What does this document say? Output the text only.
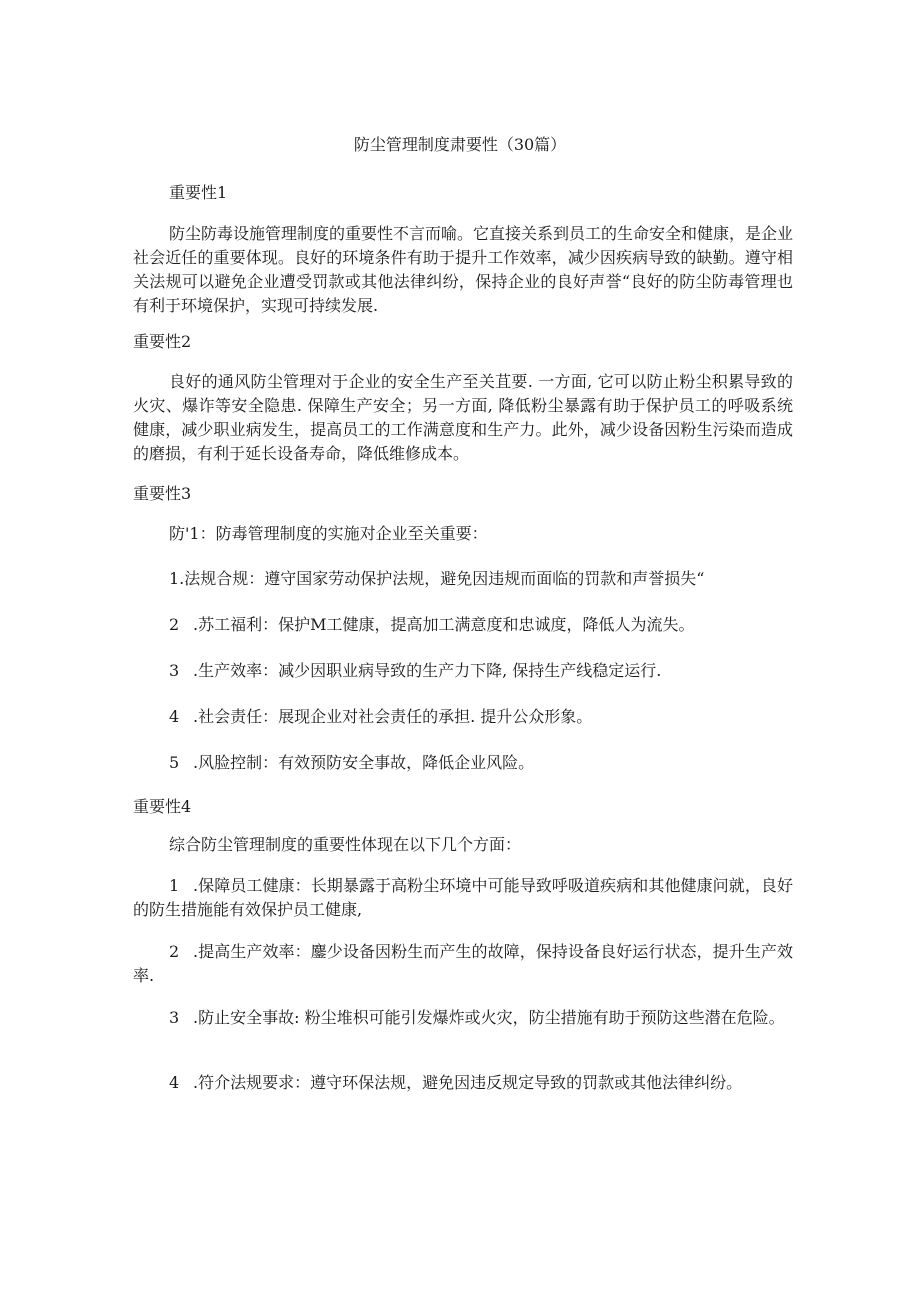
防尘管理制度肃要性（30篇）
重要性1

防尘防毒设施管理制度的重要性不言而喻。它直接关系到员工的生命安全和健康，是企业社会近任的重要体现。良好的环境条件有助于提升工作效率，减少因疾病导致的缺勤。遵守相关法规可以避免企业遭受罚款或其他法律纠纷，保持企业的良好声誉“良好的防尘防毒管理也有利于环境保护，实现可持续发展.

重要性2

良好的通风防尘管理对于企业的安全生产至关苴要. 一方面, 它可以防止粉尘积累导致的火灾、爆诈等安全隐患. 保障生产安全；另一方面, 降低粉尘暴露有助于保护员工的呼吸系统健康，减少职业病发生，提高员工的工作满意度和生产力。此外，减少设备因粉生污染而造成的磨损，有利于延长设备寿命，降低维修成本。

重要性3

防'1：防毒管理制度的实施对企业至关重要：

1.法规合规：遵守国家劳动保护法规，避免因违规而面临的罚款和声誉损失“

2 .苏工福利：保护M工健康，提高加工满意度和忠诚度，降低人为流失。

3 .生产效率：减少因职业病导致的生产力下降, 保持生产线稳定运行.

4 .社会责任：展现企业对社会责任的承担. 提升公众形象。

5 .风脸控制：有效预防安全事故，降低企业风险。

重要性4

综合防尘管理制度的重要性体现在以下几个方面：

1 .保障员工健康：长期暴露于高粉尘环境中可能导致呼吸道疾病和其他健康问就，良好的防生措施能有效保护员工健康,

2 .提高生产效率：鏖少设备因粉生而产生的故障，保持设备良好运行状态，提升生产效率.

3 .防止安全事故: 粉尘堆枳可能引发爆炸或火灾，防尘措施有助于预防这些潜在危险。

4 .符介法规要求：遵守环保法规，避免因违反规定导致的罚款或其他法律纠纷。
